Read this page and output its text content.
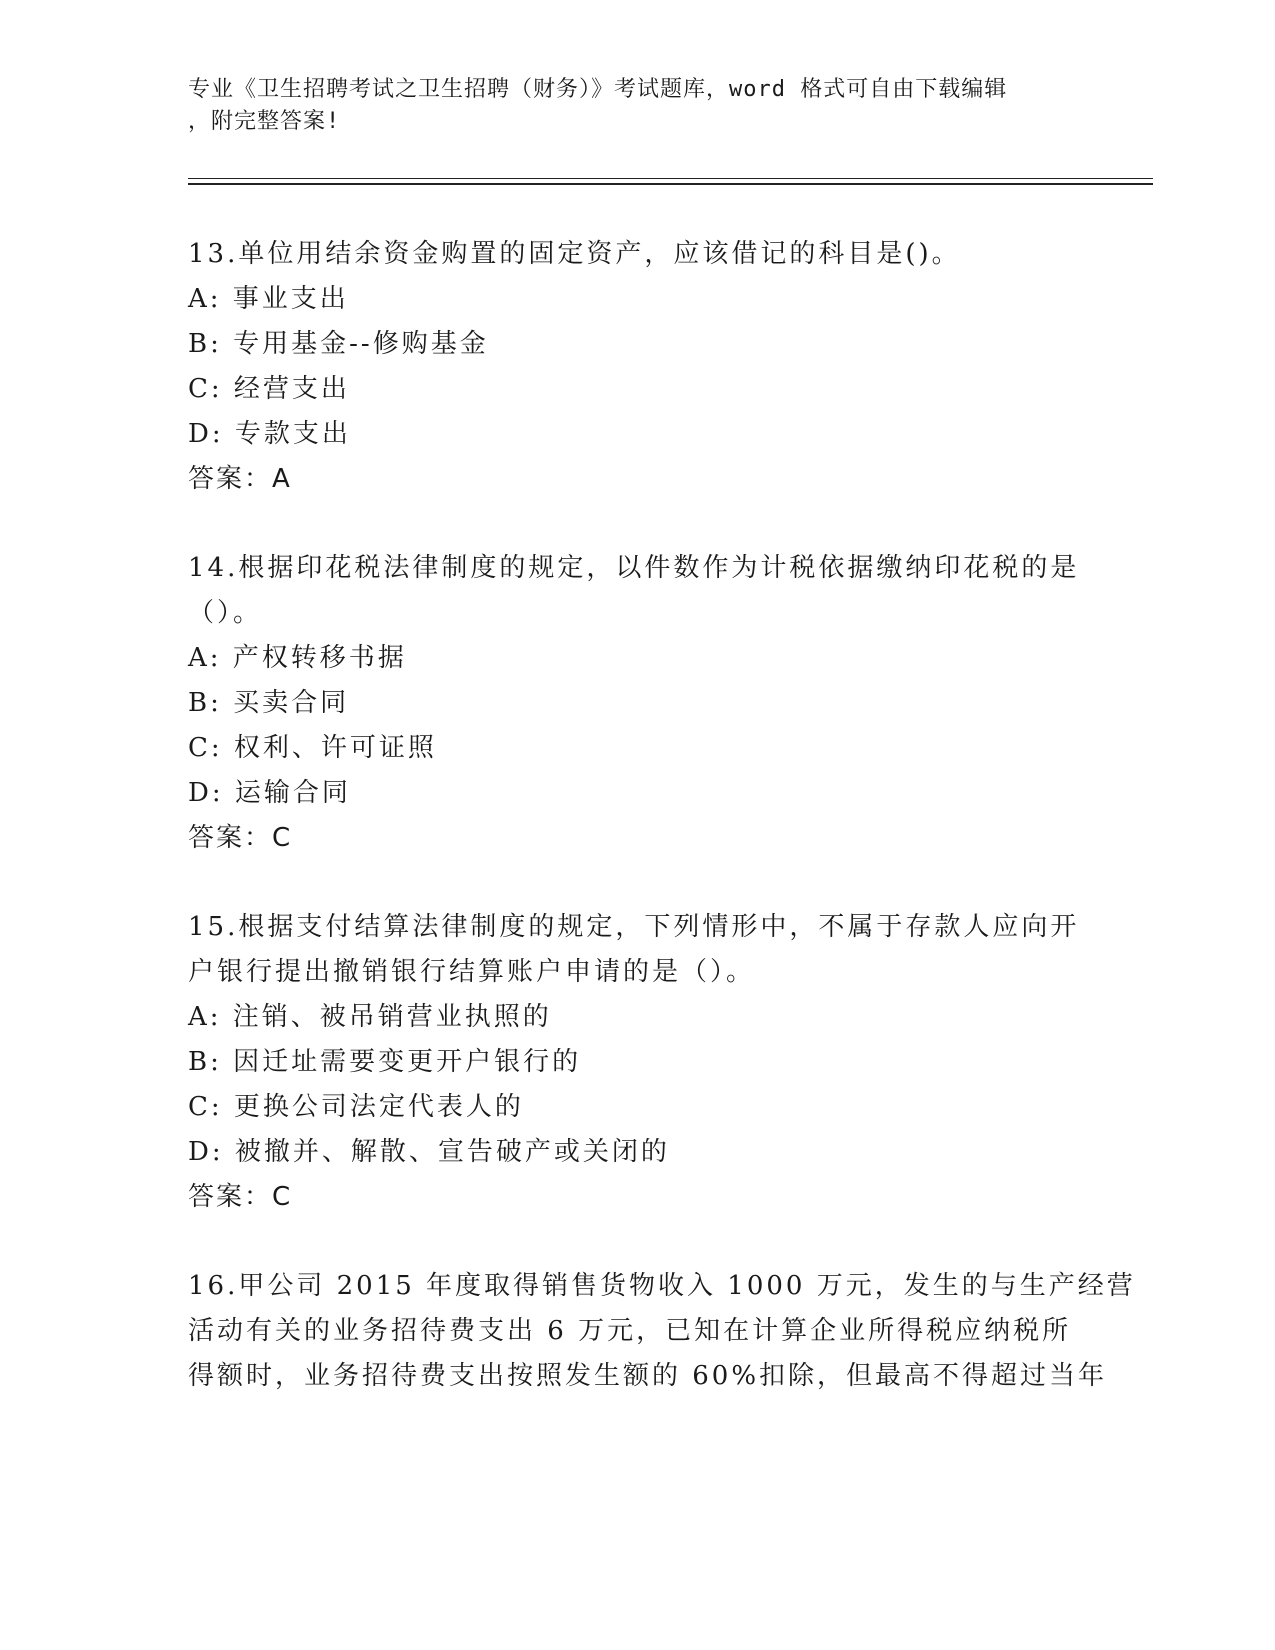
专业《卫生招聘考试之卫生招聘（财务）》考试题库，word 格式可自由下载编辑
，附完整答案!

13.单位用结余资金购置的固定资产，应该借记的科目是()。

A: 事业支出

B: 专用基金--修购基金

C: 经营支出

D: 专款支出

答案：A

14.根据印花税法律制度的规定，以件数作为计税依据缴纳印花税的是
（）。

A: 产权转移书据

B: 买卖合同

C: 权利、许可证照

D: 运输合同

答案：C

15.根据支付结算法律制度的规定，下列情形中，不属于存款人应向开
户银行提出撤销银行结算账户申请的是（）。

A: 注销、被吊销营业执照的

B: 因迁址需要变更开户银行的

C: 更换公司法定代表人的

D: 被撤并、解散、宣告破产或关闭的

答案：C

16.甲公司 2015 年度取得销售货物收入 1000 万元，发生的与生产经营
活动有关的业务招待费支出 6 万元，已知在计算企业所得税应纳税所
得额时，业务招待费支出按照发生额的 60%扣除，但最高不得超过当年
